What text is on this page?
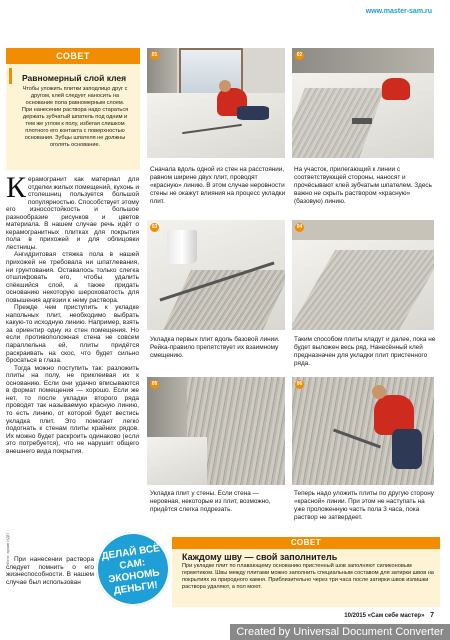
www.master-sam.ru
Фото: архив ИДП
СОВЕТ
Равномерный слой клея
Чтобы уложить плитки заподлицо друг с другом, клей следует наносить на основание пола равномерным слоем. При нанесении раствора надо стараться держать зубчатый шпатель под одним и тем же углом к полу, избегая слишком плотного его контакта с поверхностью основания. Зубцы шпателя не должны оголять основание.

Керамогранит как материал для отделки жилых помещений, кухонь и столешниц пользуется большой популярностью. Способствует этому его износостойкость и большое разнообразие рисунков и цветов материала. В нашем случае речь идёт о керамогранитных плитках для покрытия пола в прихожей и для облицовки лестницы.

Ангидритовая стяжка пола в нашей прихожей не требовала ни шпатлевания, ни грунтования. Оставалось только слегка отшлифовать его, чтобы удалить спёкшийся слой, а также придать основанию некоторую шероховатость для повышения адгезии к нему раствора.

Прежде чем приступить к укладке напольных плит, необходимо выбрать какую-то исходную линию. Например, взять за ориентир одну из стен помещения. Но если противоположная стена не совсем параллельна ей, плиты придётся раскраивать на скос, что будет сильно бросаться в глаза.

Тогда можно поступить так: разложить плиты на полу, не приклеивая их к основанию. Если они удачно вписываются в формат помещения — хорошо. Если же нет, то после укладки второго ряда проводят так называемую красную линию, то есть линию, от которой будет вестись укладка плит. Это помогает легко подогнать к стенам плиты крайних рядов. Их можно будет раскроить одинаково (если это потребуется), что не нарушит общего внешнего вида покрытия.

При нанесении раствора следует помнить о его жизнеспособности. В нашем случае был использован

01
Сначала вдоль одной из стен на расстоянии, равном ширине двух плит, проводят «красную» линию. В этом случае неровности стены не окажут влияния на процесс укладки плит.
02
На участок, прилегающий к линии с соответствующей стороны, наносят и прочёсывают клей зубчатым шпателем. Здесь важно не скрыть раствором «красную» (базовую) линию.
03
Укладка первых плит вдоль базовой линии. Рейка-правило препятствует их взаимному смещению.
04
Таким способом плиты кладут и далее, пока не будет выложен весь ряд. Нанесённый клей предназначен для укладки плит пристенного ряда.
05
Укладка плит у стены. Если стена — неровная, некоторые из плит, возможно, придётся слегка подрезать.
06
Теперь надо уложить плиты по другую сторону «красной» линии. При этом не наступать на уже проложенную часть пола 3 часа, пока раствор не затвердеет.
ДЕЛАЙ ВСЁ САМ: ЭКОНОМЬ ДЕНЬГИ!
СОВЕТ
Каждому шву — свой заполнитель
При укладке плит по плавающему основанию пристенный шов заполняют силиконовым герметиком. Швы между плитами можно заполнить специальным составом для затирки швов на покрытиях из природного камня. Приблизительно через три часа после затирки швов излишки раствора удаляют, а пол моют.
10/2015 «Сам себе мастер» 7
Created by Universal Document Converter
